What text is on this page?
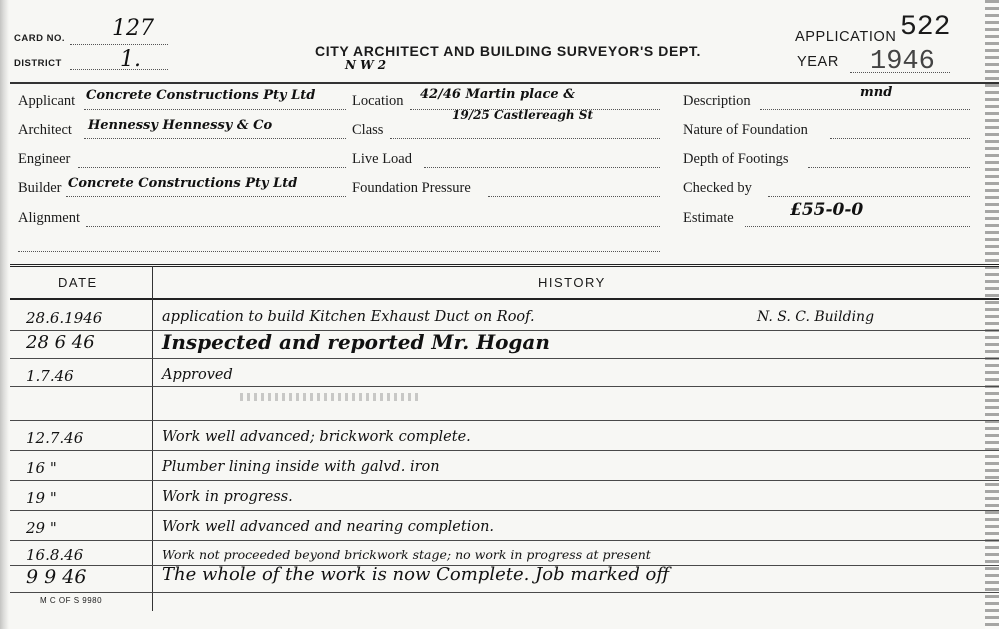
CARD NO. 127
DISTRICT	1.	CITY ARCHITECT AND BUILDING SURVEYOR'S DEPT.
N W 2
APPLICATION 522
YEAR 1946
Applicant Concrete Constructions Pty Ltd
Architect Hennessy Hennessy & Co
Engineer
Builder Concrete Constructions Pty Ltd
Alignment
Location 42/46 Martin place &
19/25 Castlereagh St
Class
Live Load
Foundation Pressure
Description
mnd
Nature of Foundation
Depth of Footings
Checked by
Estimate	£55-0-0
DATE	HISTORY
28.6.1946	application to build Kitchen Exhaust Duct on Roof.	N. S. C. Building
28 6 46	Inspected and reported Mr. Hogan
1.7.46	Approved
12.7.46	Work well advanced; brickwork complete.
16 "	Plumber lining inside with galvd. iron
19 "	Work in progress.
29 "	Work well advanced and nearing completion.
16.8.46	Work not proceeded beyond brickwork stage; no work in progress at present
9 9 46	The whole of the work is now Complete. Job marked off
M C OF S 9980
